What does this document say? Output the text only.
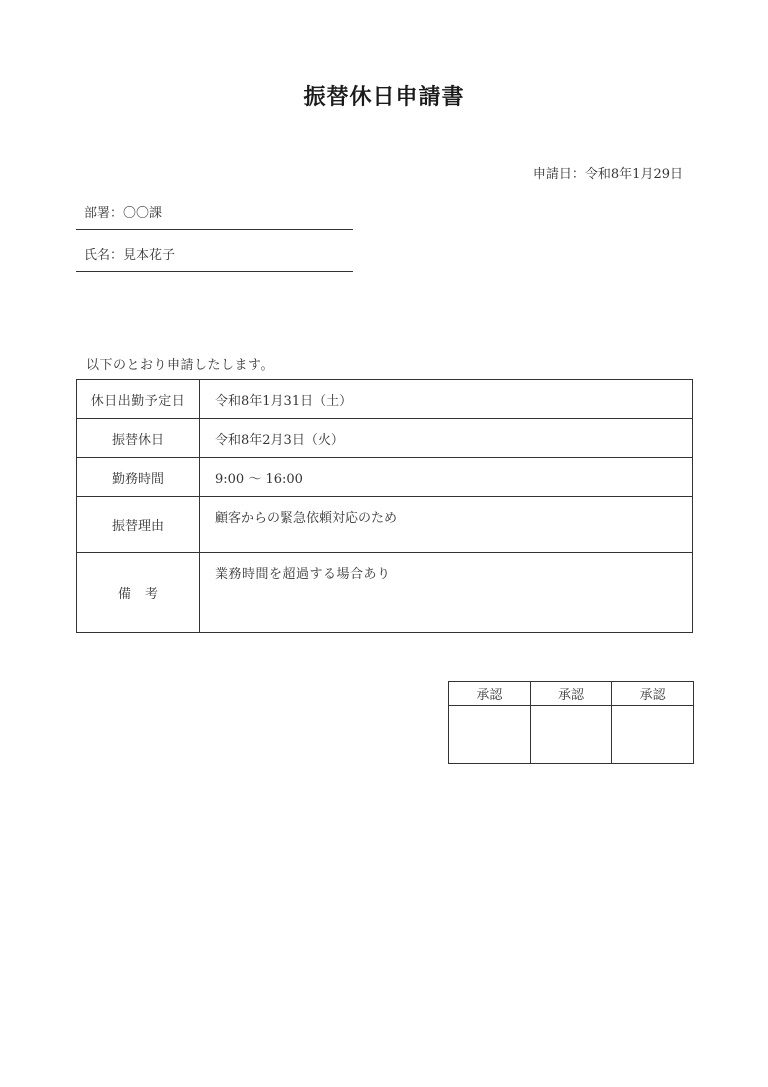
振替休日申請書
申請日：令和8年1月29日
部署：〇〇課
氏名：見本花子
以下のとおり申請したします。
休日出勤予定日	令和8年1月31日（土）
振替休日	令和8年2月3日（火）
勤務時間	9:00 ～ 16:00
振替理由	顧客からの緊急依頼対応のため
備考	業務時間を超過する場合あり
承認	承認	承認
